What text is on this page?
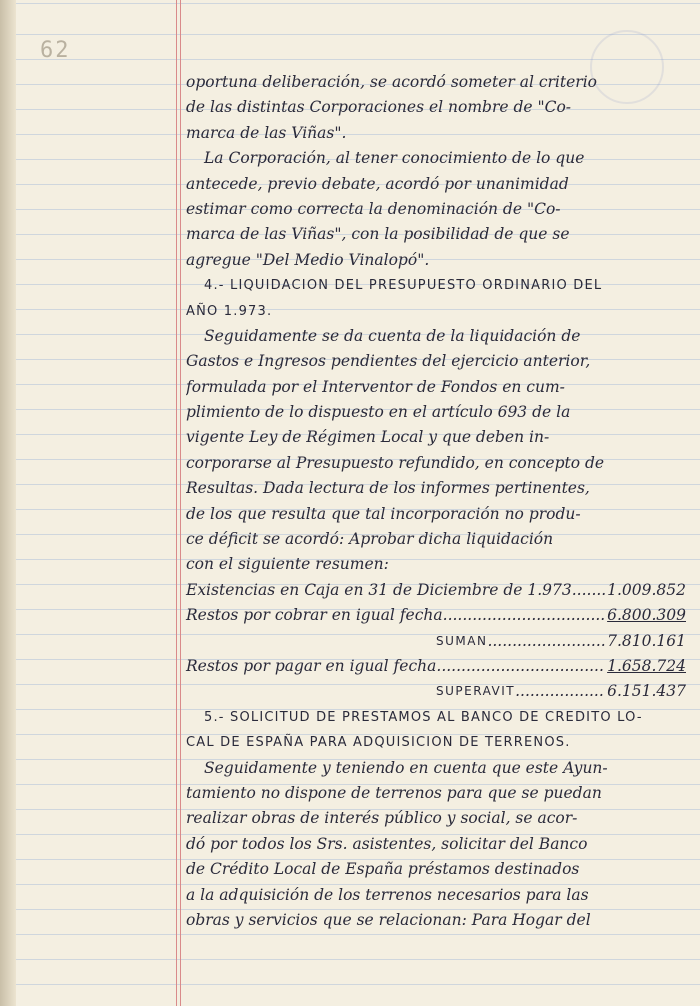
62
oportuna deliberación, se acordó someter al criterio
de las distintas Corporaciones el nombre de "Co-
marca de las Viñas".
La Corporación, al tener conocimiento de lo que
antecede, previo debate, acordó por unanimidad
estimar como correcta la denominación de "Co-
marca de las Viñas", con la posibilidad de que se
agregue "Del Medio Vinalopó".
4.- LIQUIDACION DEL PRESUPUESTO ORDINARIO DEL
AÑO 1.973.
Seguidamente se da cuenta de la liquidación de
Gastos e Ingresos pendientes del ejercicio anterior,
formulada por el Interventor de Fondos en cum-
plimiento de lo dispuesto en el artículo 693 de la
vigente Ley de Régimen Local y que deben in-
corporarse al Presupuesto refundido, en concepto de
Resultas. Dada lectura de los informes pertinentes,
de los que resulta que tal incorporación no produ-
ce déficit se acordó: Aprobar dicha liquidación
con el siguiente resumen:
Existencias en Caja en 31 de Diciembre de 1.973 ..... 1.009.852
Restos por cobrar en igual fecha .....	6.800.309
SUMAN .....	7.810.161
Restos por pagar en igual fecha .....	1.658.724
SUPERAVIT .....	6.151.437
5.- SOLICITUD DE PRESTAMOS AL BANCO DE CREDITO LO-
CAL DE ESPAÑA PARA ADQUISICION DE TERRENOS.
Seguidamente y teniendo en cuenta que este Ayun-
tamiento no dispone de terrenos para que se puedan
realizar obras de interés público y social, se acor-
dó por todos los Srs. asistentes, solicitar del Banco
de Crédito Local de España préstamos destinados
a la adquisición de los terrenos necesarios para las
obras y servicios que se relacionan: Para Hogar del
